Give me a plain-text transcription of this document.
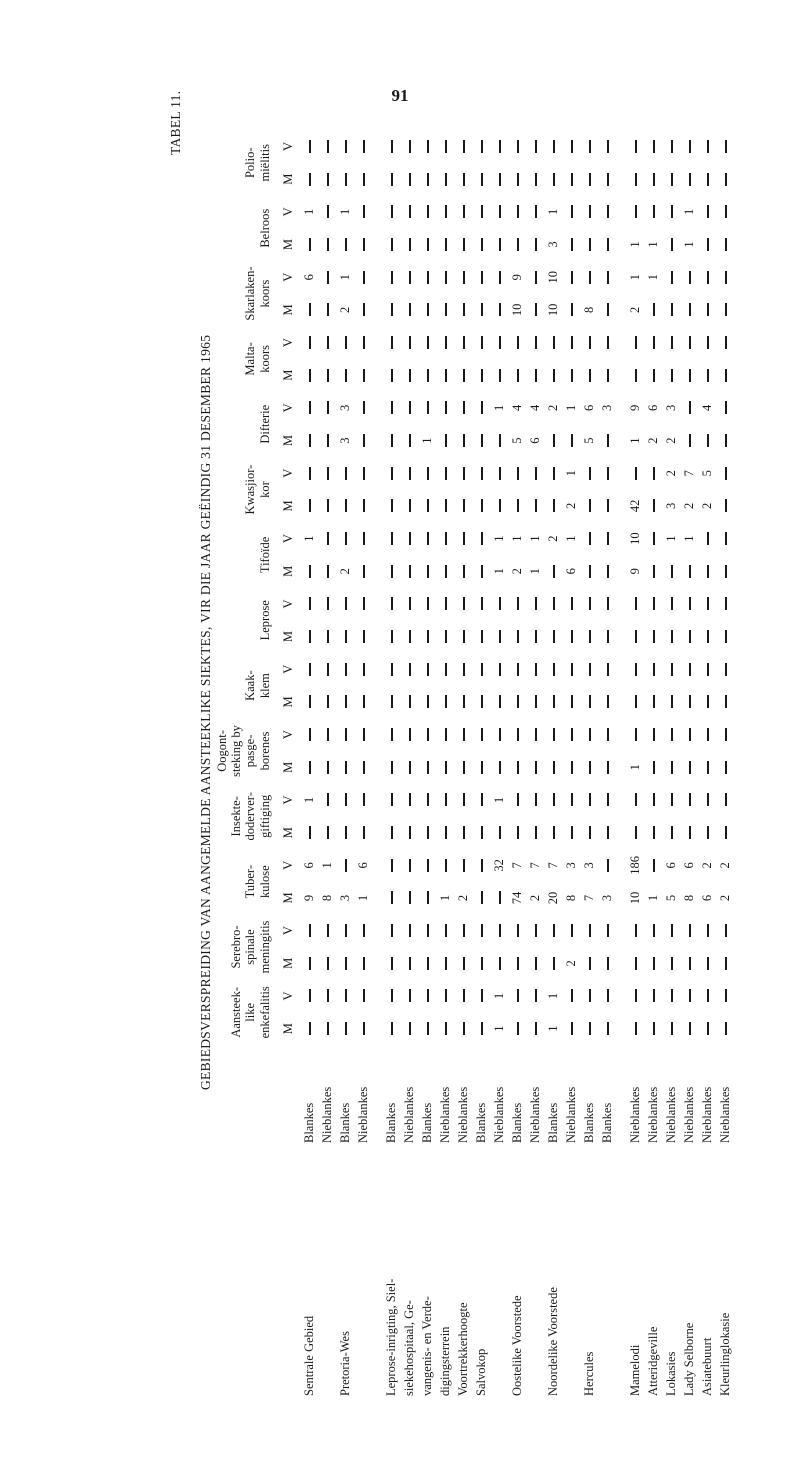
91
TABEL 11.
GEBIEDSVERSPREIDING VAN AANGEMELDE AANSTEEKLIKE SIEKTES, VIR DIE JAAR GEËINDIG 31 DESEMBER 1965
		Aansteek-
like
enkefalitis		Serebro-
spinale
meningitis		Tuber-
kulose		Insekte-
doderver-
giftiging		Oogont-
steking by
pasge-
borenes		Kaak-
klem		Leprose		Tifoïde		Kwasjior-
kor		Difterie		Malta-
koors		Skarlaken-
koors		Belroos		Polio-
miëlitis	
		M	V	M	V	M	V	M	V	M	V	M	V	M	V	M	V	M	V	M	V	M	V	M	V	M	V	M	V
Sentrale Gebied	Blankes					9	6		1								1								6		1		
	Nieblankes					8	1																						
Pretoria-Wes	Blankes					3										2				3	3			2	1		1		
	Nieblankes					1	6																						

Leprose-inrigting, Siel-	Blankes																												
siekehospitaal, Ge-	Nieblankes																												
vangenis- en Verde-	Blankes																			1									
digingsterrein	Nieblankes					1																							
Voortrekkerhoogte	Nieblankes					2																							
Salvokop	Blankes																												
	Nieblankes	1	1				32		1							1	1				1								
Oostelike Voorstede	Blankes					74	7									2	1			5	4			10	9				
	Nieblankes					2	7									1	1			6	4								
Noordelike Voorstede	Blankes	1	1			20	7										2				2			10	10	3	1		
	Nieblankes			2		8	3									6	1	2	1		1								
Hercules	Blankes					7	3													5	6			8					
	Blankes					3															3								

Mamelodi	Nieblankes					10	186			1						9	10	42		1	9			2	1	1			
Atteridgeville	Nieblankes					1														2	6				1	1			
Lokasies	Nieblankes					5	6										1	3	2	2	3								
Lady Selborne	Nieblankes					8	6										1	2	7							1	1		
Asiatebuurt	Nieblankes					6	2											2	5		4								
Kleurlinglokasie	Nieblankes					2	2																						
